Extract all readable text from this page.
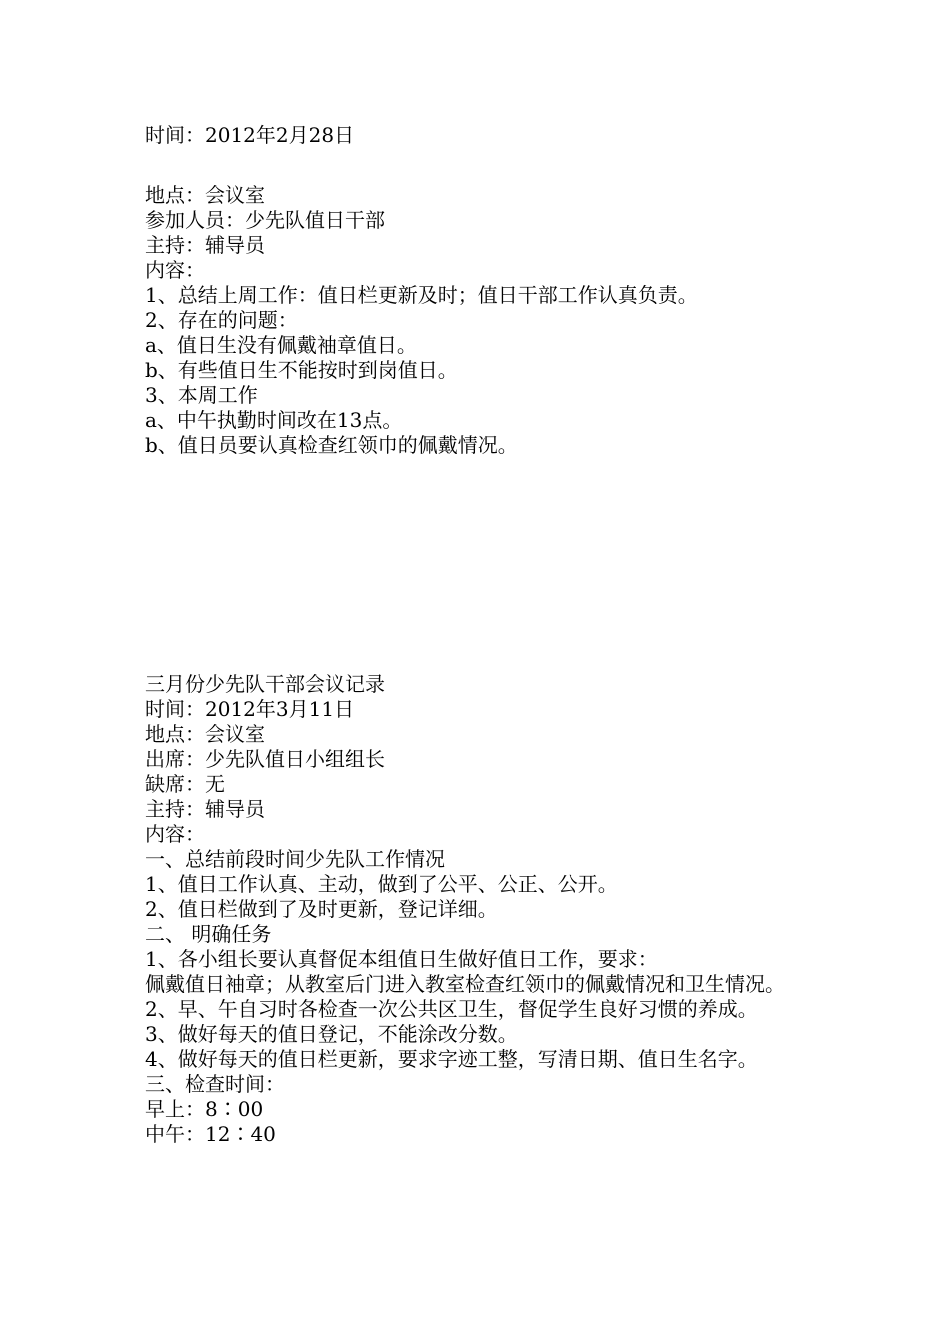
时间：2012年2月28日
地点：会议室
参加人员：少先队值日干部
主持：辅导员
内容：
1、总结上周工作：值日栏更新及时；值日干部工作认真负责。
2、存在的问题：
a、值日生没有佩戴袖章值日。
b、有些值日生不能按时到岗值日。
3、本周工作
a、中午执勤时间改在13点。
b、值日员要认真检查红领巾的佩戴情况。
三月份少先队干部会议记录
时间：2012年3月11日
地点：会议室
出席：少先队值日小组组长
缺席：无
主持：辅导员
内容：
一、总结前段时间少先队工作情况
1、值日工作认真、主动，做到了公平、公正、公开。
2、值日栏做到了及时更新，登记详细。
二、 明确任务
1、各小组长要认真督促本组值日生做好值日工作，要求：
佩戴值日袖章；从教室后门进入教室检查红领巾的佩戴情况和卫生情况。
2、早、午自习时各检查一次公共区卫生，督促学生良好习惯的养成。
3、做好每天的值日登记，不能涂改分数。
4、做好每天的值日栏更新，要求字迹工整，写清日期、值日生名字。
三、检查时间：
早上：8∶00
中午：12∶40
